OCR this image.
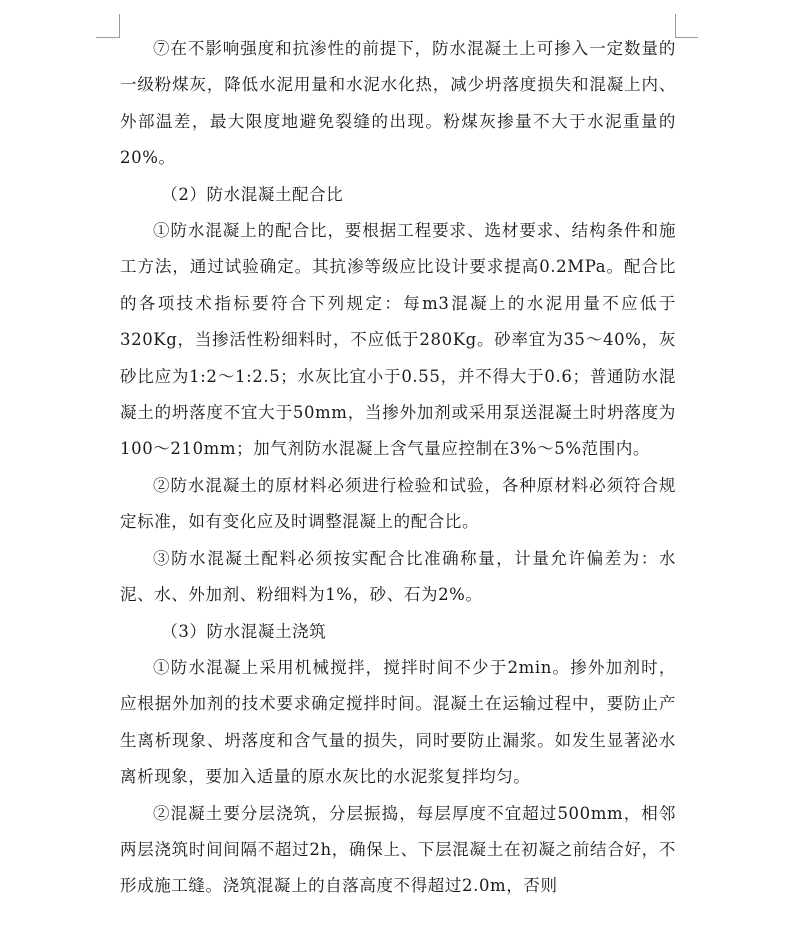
⑦在不影响强度和抗渗性的前提下，防水混凝土上可掺入一定数量的一级粉煤灰，降低水泥用量和水泥水化热，减少坍落度损失和混凝上内、外部温差，最大限度地避免裂缝的出现。粉煤灰掺量不大于水泥重量的20%。

（2）防水混凝土配合比

①防水混凝上的配合比，要根据工程要求、选材要求、结构条件和施工方法，通过试验确定。其抗渗等级应比设计要求提高0.2MPa。配合比的各项技术指标要符合下列规定：每m3混凝上的水泥用量不应低于320Kg，当掺活性粉细料时，不应低于280Kg。砂率宜为35～40%，灰砂比应为1:2～1:2.5；水灰比宜小于0.55，并不得大于0.6；普通防水混凝土的坍落度不宜大于50mm，当掺外加剂或采用泵送混凝土时坍落度为100～210mm；加气剂防水混凝上含气量应控制在3%～5%范围内。

②防水混凝土的原材料必须进行检验和试验，各种原材料必须符合规定标准，如有变化应及时调整混凝上的配合比。

③防水混凝土配料必须按实配合比准确称量，计量允许偏差为：水泥、水、外加剂、粉细料为1%，砂、石为2%。

（3）防水混凝土浇筑

①防水混凝上采用机械搅拌，搅拌时间不少于2min。掺外加剂时，应根据外加剂的技术要求确定搅拌时间。混凝土在运输过程中，要防止产生离析现象、坍落度和含气量的损失，同时要防止漏浆。如发生显著泌水离析现象，要加入适量的原水灰比的水泥浆复拌均匀。

②混凝土要分层浇筑，分层振捣，每层厚度不宜超过500mm，相邻两层浇筑时间间隔不超过2h，确保上、下层混凝土在初凝之前结合好，不形成施工缝。浇筑混凝上的自落高度不得超过2.0m，否则
